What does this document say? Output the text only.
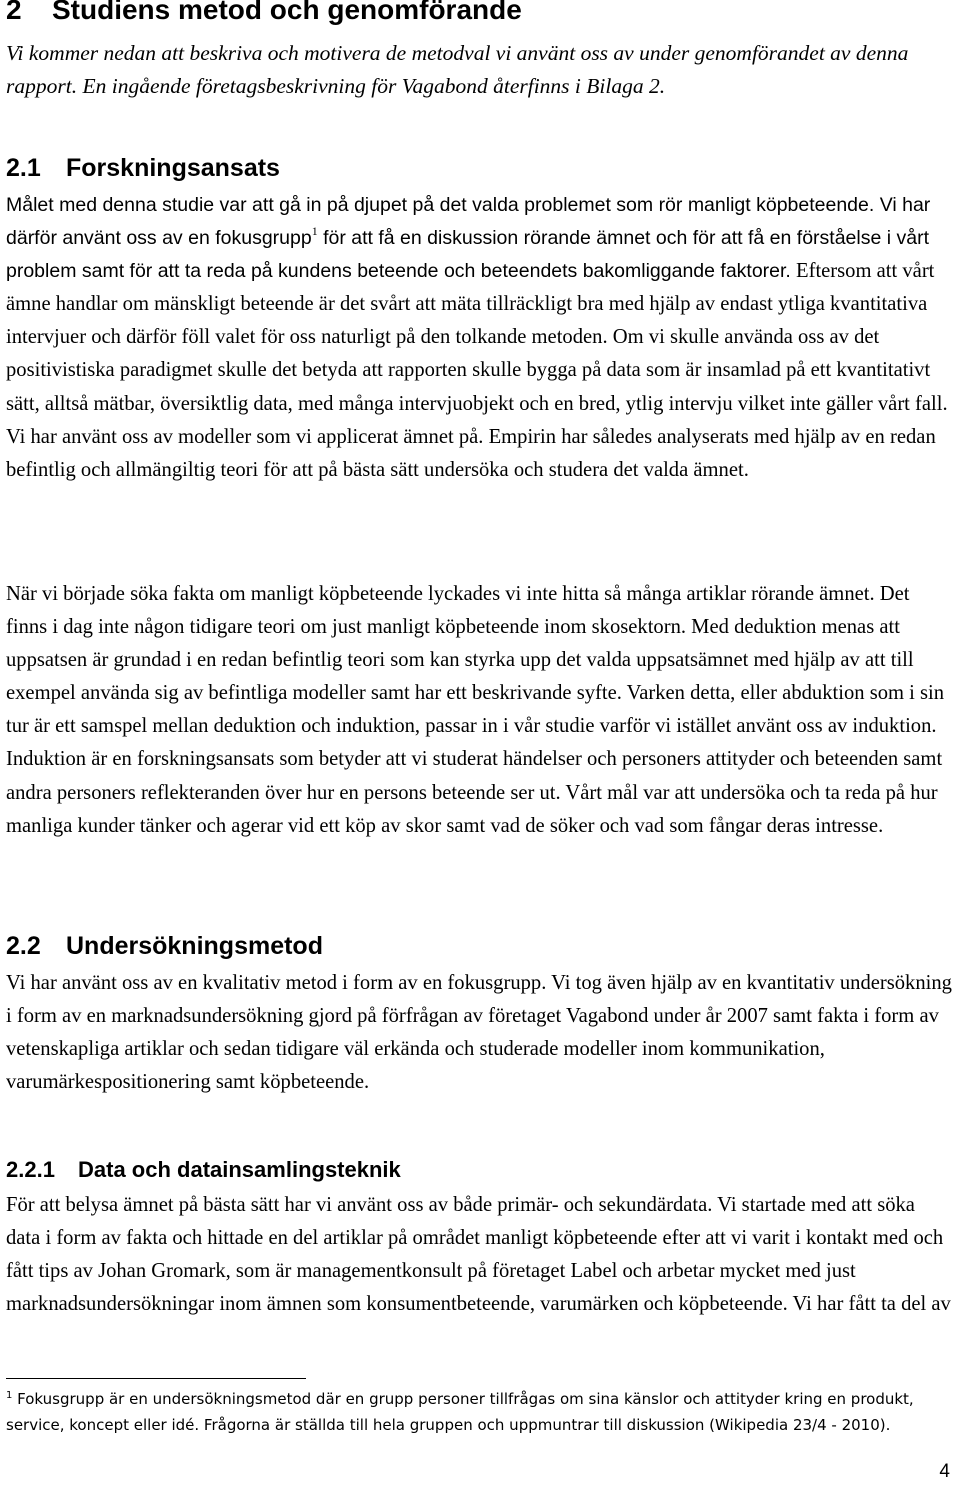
2 Studiens metod och genomförande
Vi kommer nedan att beskriva och motivera de metodval vi använt oss av under genomförandet av denna rapport. En ingående företagsbeskrivning för Vagabond återfinns i Bilaga 2.
2.1 Forskningsansats
Målet med denna studie var att gå in på djupet på det valda problemet som rör manligt köpbeteende. Vi har därför använt oss av en fokusgrupp$^1$ för att få en diskussion rörande ämnet och för att få en förståelse i vårt problem samt för att ta reda på kundens beteende och beteendets bakomliggande faktorer. Eftersom att vårt ämne handlar om mänskligt beteende är det svårt att mäta tillräckligt bra med hjälp av endast ytliga kvantitativa intervjuer och därför föll valet för oss naturligt på den tolkande metoden. Om vi skulle använda oss av det positivistiska paradigmet skulle det betyda att rapporten skulle bygga på data som är insamlad på ett kvantitativt sätt, alltså mätbar, översiktlig data, med många intervjuobjekt och en bred, ytlig intervju vilket inte gäller vårt fall. Vi har använt oss av modeller som vi applicerat ämnet på. Empirin har således analyserats med hjälp av en redan befintlig och allmängiltig teori för att på bästa sätt undersöka och studera det valda ämnet.
När vi började söka fakta om manligt köpbeteende lyckades vi inte hitta så många artiklar rörande ämnet. Det finns i dag inte någon tidigare teori om just manligt köpbeteende inom skosektorn. Med deduktion menas att uppsatsen är grundad i en redan befintlig teori som kan styrka upp det valda uppsatsämnet med hjälp av att till exempel använda sig av befintliga modeller samt har ett beskrivande syfte. Varken detta, eller abduktion som i sin tur är ett samspel mellan deduktion och induktion, passar in i vår studie varför vi istället använt oss av induktion. Induktion är en forskningsansats som betyder att vi studerat händelser och personers attityder och beteenden samt andra personers reflekteranden över hur en persons beteende ser ut. Vårt mål var att undersöka och ta reda på hur manliga kunder tänker och agerar vid ett köp av skor samt vad de söker och vad som fångar deras intresse.
2.2 Undersökningsmetod
Vi har använt oss av en kvalitativ metod i form av en fokusgrupp. Vi tog även hjälp av en kvantitativ undersökning i form av en marknadsundersökning gjord på förfrågan av företaget Vagabond under år 2007 samt fakta i form av vetenskapliga artiklar och sedan tidigare väl erkända och studerade modeller inom kommunikation, varumärkespositionering samt köpbeteende.
2.2.1 Data och datainsamlingsteknik
För att belysa ämnet på bästa sätt har vi använt oss av både primär- och sekundärdata. Vi startade med att söka data i form av fakta och hittade en del artiklar på området manligt köpbeteende efter att vi varit i kontakt med och fått tips av Johan Gromark, som är managementkonsult på företaget Label och arbetar mycket med just marknadsundersökningar inom ämnen som konsumentbeteende, varumärken och köpbeteende. Vi har fått ta del av
$^1$ Fokusgrupp är en undersökningsmetod där en grupp personer tillfrågas om sina känslor och attityder kring en produkt, service, koncept eller idé. Frågorna är ställda till hela gruppen och uppmuntrar till diskussion (Wikipedia 23/4 - 2010).
4
